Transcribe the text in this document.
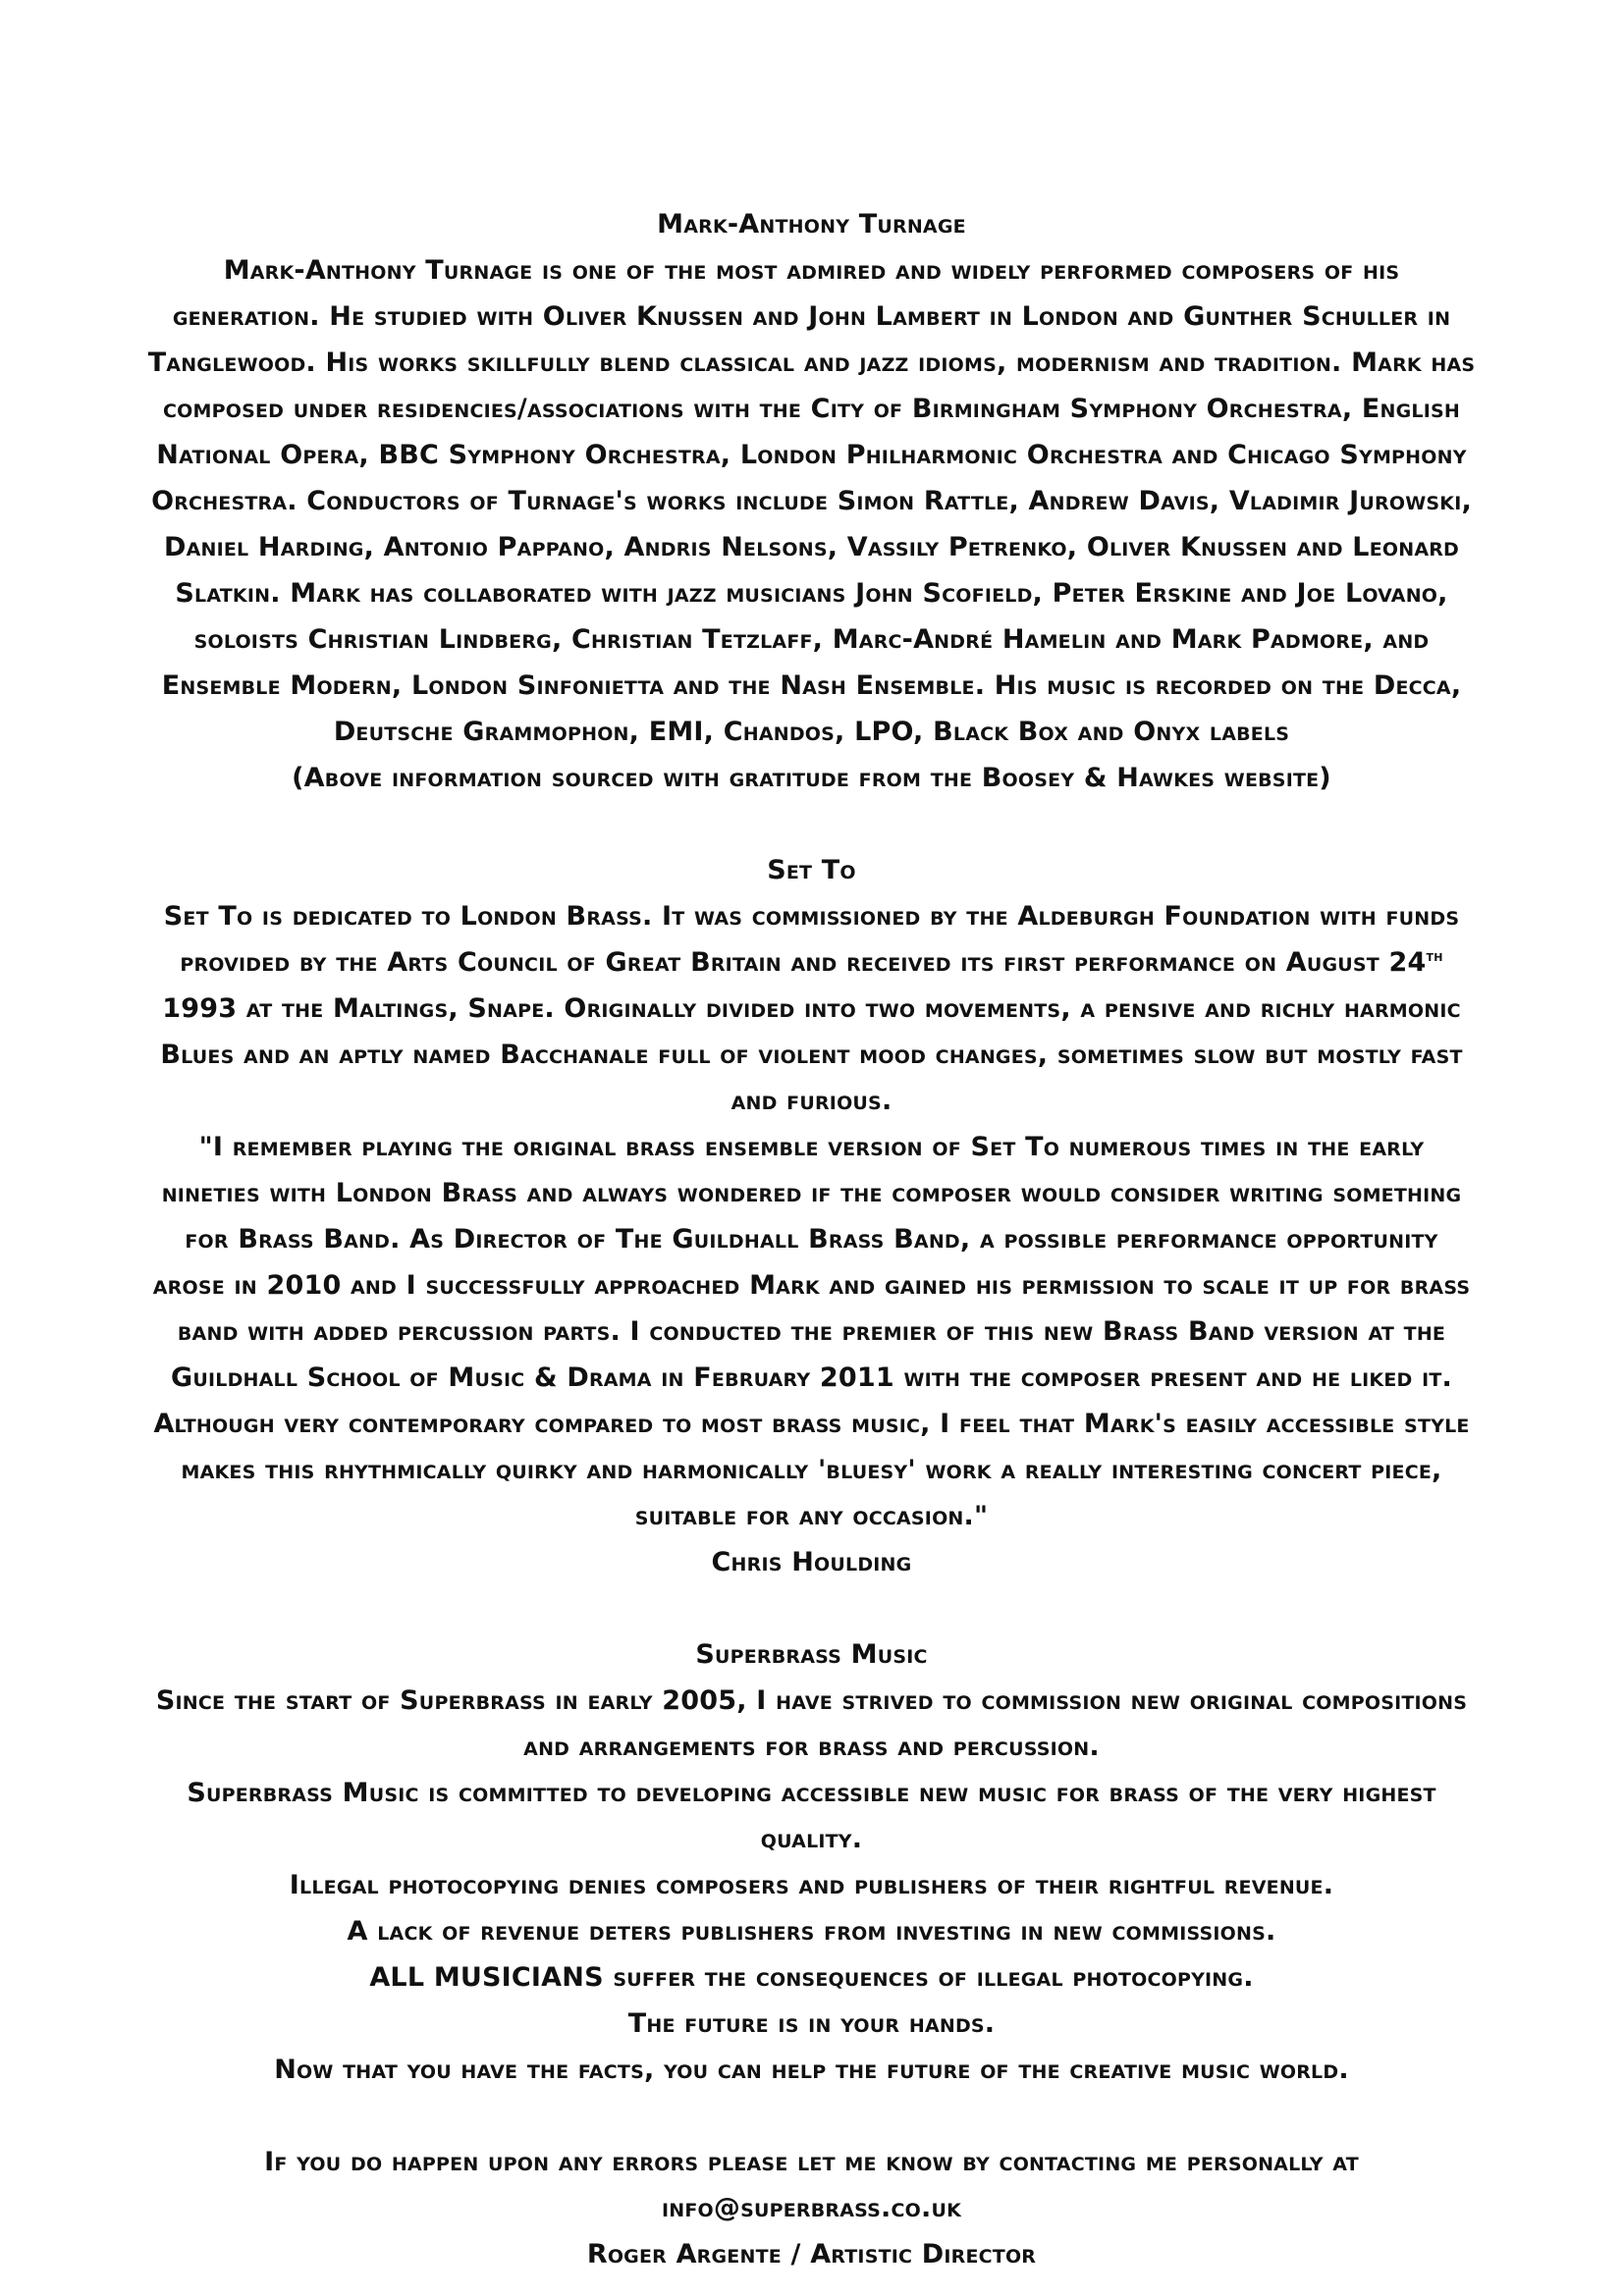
Mark-Anthony Turnage

Mark-Anthony Turnage is one of the most admired and widely performed composers of his generation. He studied with Oliver Knussen and John Lambert in London and Gunther Schuller in Tanglewood. His works skillfully blend classical and jazz idioms, modernism and tradition. Mark has composed under residencies/associations with the City of Birmingham Symphony Orchestra, English National Opera, BBC Symphony Orchestra, London Philharmonic Orchestra and Chicago Symphony Orchestra. Conductors of Turnage's works include Simon Rattle, Andrew Davis, Vladimir Jurowski, Daniel Harding, Antonio Pappano, Andris Nelsons, Vassily Petrenko, Oliver Knussen and Leonard Slatkin. Mark has collaborated with jazz musicians John Scofield, Peter Erskine and Joe Lovano, soloists Christian Lindberg, Christian Tetzlaff, Marc-André Hamelin and Mark Padmore, and Ensemble Modern, London Sinfonietta and the Nash Ensemble. His music is recorded on the Decca, Deutsche Grammophon, EMI, Chandos, LPO, Black Box and Onyx labels

(Above information sourced with gratitude from the Boosey & Hawkes website)

Set To

Set To is dedicated to London Brass. It was commissioned by the Aldeburgh Foundation with funds provided by the Arts Council of Great Britain and received its first performance on August 24th 1993 at the Maltings, Snape. Originally divided into two movements, a pensive and richly harmonic Blues and an aptly named Bacchanale full of violent mood changes, sometimes slow but mostly fast and furious.

"I remember playing the original brass ensemble version of Set To numerous times in the early nineties with London Brass and always wondered if the composer would consider writing something for Brass Band. As Director of The Guildhall Brass Band, a possible performance opportunity arose in 2010 and I successfully approached Mark and gained his permission to scale it up for brass band with added percussion parts. I conducted the premier of this new Brass Band version at the Guildhall School of Music & Drama in February 2011 with the composer present and he liked it. Although very contemporary compared to most brass music, I feel that Mark's easily accessible style makes this rhythmically quirky and harmonically 'bluesy' work a really interesting concert piece, suitable for any occasion."

Chris Houlding

Superbrass Music

Since the start of Superbrass in early 2005, I have strived to commission new original compositions and arrangements for brass and percussion.

Superbrass Music is committed to developing accessible new music for brass of the very highest quality.

Illegal photocopying denies composers and publishers of their rightful revenue.

A lack of revenue deters publishers from investing in new commissions.

ALL MUSICIANS suffer the consequences of illegal photocopying.

The future is in your hands.

Now that you have the facts, you can help the future of the creative music world.

If you do happen upon any errors please let me know by contacting me personally at

info@superbrass.co.uk

Roger Argente / Artistic Director
